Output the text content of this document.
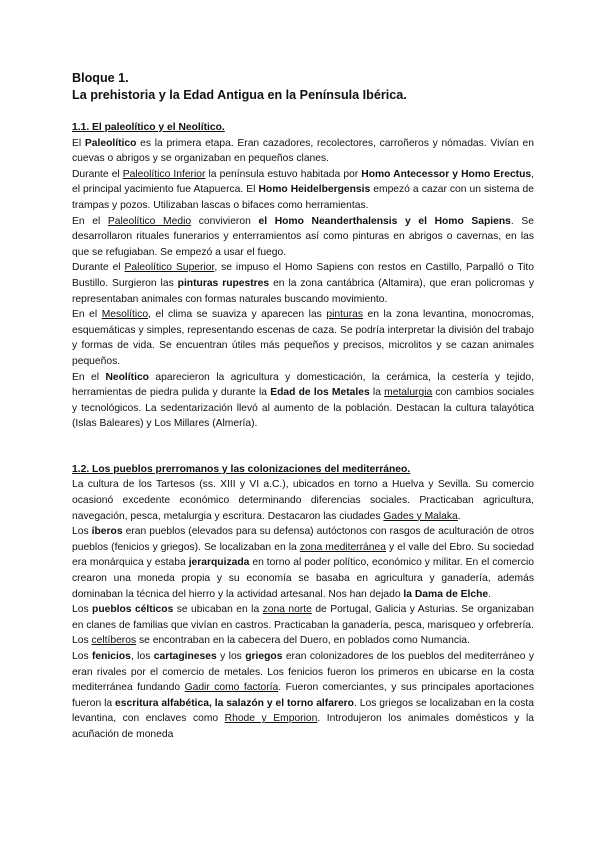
Bloque 1.
La prehistoria y la Edad Antigua en la Península Ibérica.
1.1. El paleolítico y el Neolítico.

El Paleolítico es la primera etapa. Eran cazadores, recolectores, carroñeros y nómadas. Vivían en cuevas o abrigos y se organizaban en pequeños clanes.

Durante el Paleolítico Inferior la península estuvo habitada por Homo Antecessor y Homo Erectus, el principal yacimiento fue Atapuerca. El Homo Heidelbergensis empezó a cazar con un sistema de trampas y pozos. Utilizaban lascas o bifaces como herramientas.

En el Paleolítico Medio convivieron el Homo Neanderthalensis y el Homo Sapiens. Se desarrollaron rituales funerarios y enterramientos así como pinturas en abrigos o cavernas, en las que se refugiaban. Se empezó a usar el fuego.

Durante el Paleolítico Superior, se impuso el Homo Sapiens con restos en Castillo, Parpalló o Tito Bustillo. Surgieron las pinturas rupestres en la zona cantábrica (Altamira), que eran policromas y representaban animales con formas naturales buscando movimiento.

En el Mesolítico, el clima se suaviza y aparecen las pinturas en la zona levantina, monocromas, esquemáticas y simples, representando escenas de caza. Se podría interpretar la división del trabajo y formas de vida. Se encuentran útiles más pequeños y precisos, microlitos y se cazan animales pequeños.

En el Neolítico aparecieron la agricultura y domesticación, la cerámica, la cestería y tejido, herramientas de piedra pulida y durante la Edad de los Metales la metalurgia con cambios sociales y tecnológicos. La sedentarización llevó al aumento de la población. Destacan la cultura talayótica (Islas Baleares) y Los Millares (Almería).

1.2. Los pueblos prerromanos y las colonizaciones del mediterráneo.

La cultura de los Tartesos (ss. XIII y VI a.C.), ubicados en torno a Huelva y Sevilla. Su comercio ocasionó excedente económico determinando diferencias sociales. Practicaban agricultura, navegación, pesca, metalurgia y escritura. Destacaron las ciudades Gades y Malaka.

Los íberos eran pueblos (elevados para su defensa) autóctonos con rasgos de aculturación de otros pueblos (fenicios y griegos). Se localizaban en la zona mediterránea y el valle del Ebro. Su sociedad era monárquica y estaba jerarquizada en torno al poder político, económico y militar. En el comercio crearon una moneda propia y su economía se basaba en agricultura y ganadería, además dominaban la técnica del hierro y la actividad artesanal. Nos han dejado la Dama de Elche.

Los pueblos célticos se ubicaban en la zona norte de Portugal, Galicia y Asturias. Se organizaban en clanes de familias que vivían en castros. Practicaban la ganadería, pesca, marisqueo y orfebrería.

Los celtíberos se encontraban en la cabecera del Duero, en poblados como Numancia.

Los fenicios, los cartagineses y los griegos eran colonizadores de los pueblos del mediterráneo y eran rivales por el comercio de metales. Los fenicios fueron los primeros en ubicarse en la costa mediterránea fundando Gadir como factoría. Fueron comerciantes, y sus principales aportaciones fueron la escritura alfabética, la salazón y el torno alfarero. Los griegos se localizaban en la costa levantina, con enclaves como Rhode y Emporion. Introdujeron los animales domésticos y la acuñación de moneda
